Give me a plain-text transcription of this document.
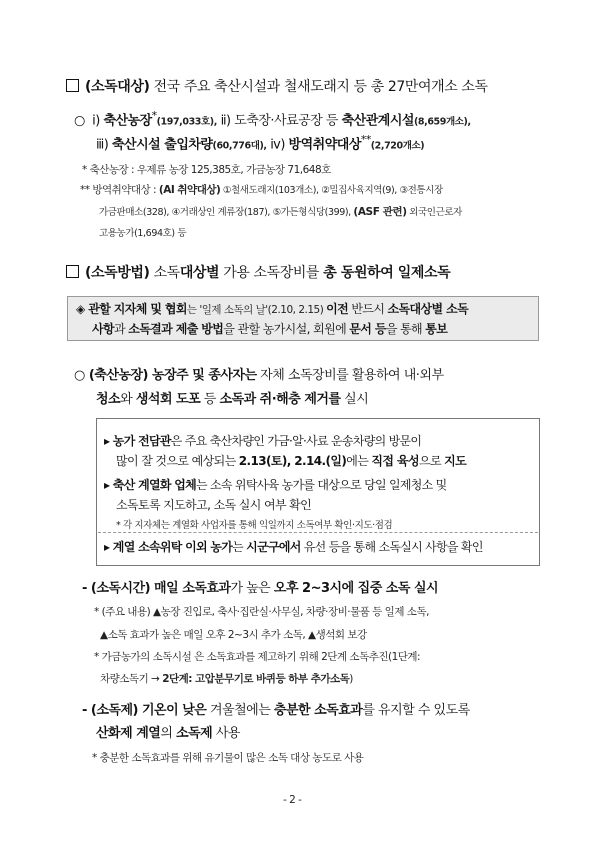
(소독대상) 전국 주요 축산시설과 철새도래지 등 총 27만여개소 소독
○ ⅰ) 축산농장*(197,033호), ⅱ) 도축장·사료공장 등 축산관계시설(8,659개소),
ⅲ) 축산시설 출입차량(60,776대), ⅳ) 방역취약대상**(2,720개소)
* 축산농장 : 우제류 농장 125,385호, 가금농장 71,648호
** 방역취약대상 : (AI 취약대상) ①철새도래지(103개소), ②밀집사육지역(9), ③전통시장
가금판매소(328), ④거래상인 계류장(187), ⑤가든형식당(399), (ASF 관련) 외국인근로자
고용농가(1,694호) 등
(소독방법) 소독대상별 가용 소독장비를 총 동원하여 일제소독
◈ 관할 지자체 및 협회는 '일제 소독의 날'(2.10, 2.15) 이전 반드시 소독대상별 소독
사항과 소독결과 제출 방법을 관할 농가시설, 회원에 문서 등을 통해 통보
○ (축산농장) 농장주 및 종사자는 자체 소독장비를 활용하여 내·외부
청소와 생석회 도포 등 소독과 쥐·해충 제거를 실시
▸ 농가 전담관은 주요 축산차량인 가금·알·사료 운송차량의 방문이
많이 잘 것으로 예상되는 2.13(토), 2.14.(일)에는 직접 육성으로 지도
▸ 축산 계열화 업체는 소속 위탁사육 농가를 대상으로 당일 일제청소 및
소독토록 지도하고, 소독 실시 여부 확인
* 각 지자체는 계열화 사업자를 통해 익일까지 소독여부 확인·지도·점검
▸ 계열 소속위탁 이외 농가는 시군구에서 유선 등을 통해 소독실시 사항을 확인
- (소독시간) 매일 소독효과가 높은 오후 2~3시에 집중 소독 실시
* (주요 내용) ▲농장 진입로, 축사·집란실·사무실, 차량·장비·물품 등 일제 소독,
▲소독 효과가 높은 매일 오후 2~3시 추가 소독, ▲생석회 보강
* 가금농가의 소독시설 은 소독효과를 제고하기 위해 2단계 소독추진(1단계:
차량소독기 → 2단계: 고압분무기로 바퀴등 하부 추가소독)
- (소독제) 기온이 낮은 겨울철에는 충분한 소독효과를 유지할 수 있도록
산화제 계열의 소독제 사용
* 충분한 소독효과를 위해 유기물이 많은 소독 대상 농도로 사용
- 2 -
